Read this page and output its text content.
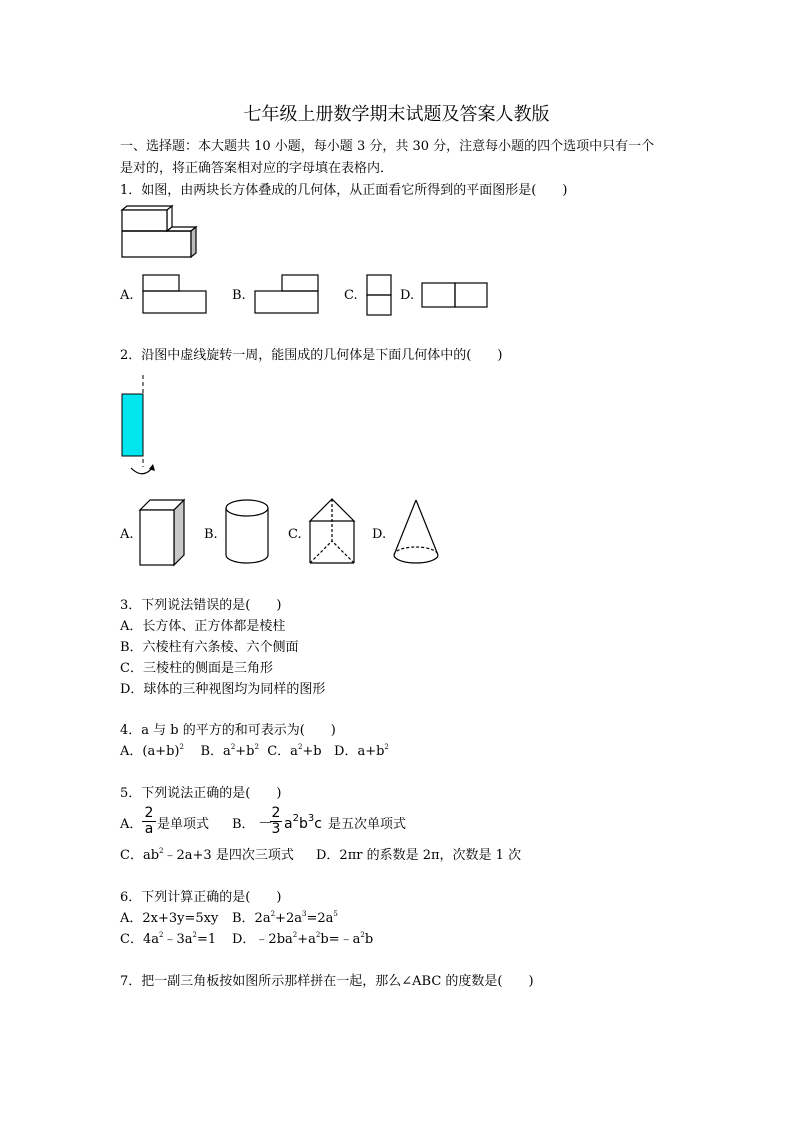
七年级上册数学期末试题及答案人教版
一、选择题：本大题共 10 小题，每小题 3 分，共 30 分，注意每小题的四个选项中只有一个
是对的，将正确答案相对应的字母填在表格内．
1．如图，由两块长方体叠成的几何体，从正面看它所得到的平面图形是(　　)
A.	B.	C.	D.
2．沿图中虚线旋转一周，能围成的几何体是下面几何体中的(　　)
A.	B.	C.	D.
3．下列说法错误的是(　　)
A．长方体、正方体都是棱柱
B．六棱柱有六条棱、六个侧面
C．三棱柱的侧面是三角形
D．球体的三种视图均为同样的图形
4．a 与 b 的平方的和可表示为(　　)
A．$(a+b)^2$ B．$a^2+b^2$ C．$a^2+b$ D．$a+b^2$
5．下列说法正确的是(　　)
A． $\frac{2}{a}$ 是单项式 B． －
$\frac{2}{3} a^2b^3c$ 是五次单项式
C．$ab^2﹣2a+3$ 是四次三项式 D．2πr 的系数是 2π，次数是 1 次
6．下列计算正确的是(　　)
A．2x+3y=5xy B．$2a^2+2a^3=2a^5$
C．$4a^2﹣3a^2=1$ D．$﹣2ba^2+a^2b=﹣a^2b$
7．把一副三角板按如图所示那样拼在一起，那么∠ABC 的度数是(　　)
